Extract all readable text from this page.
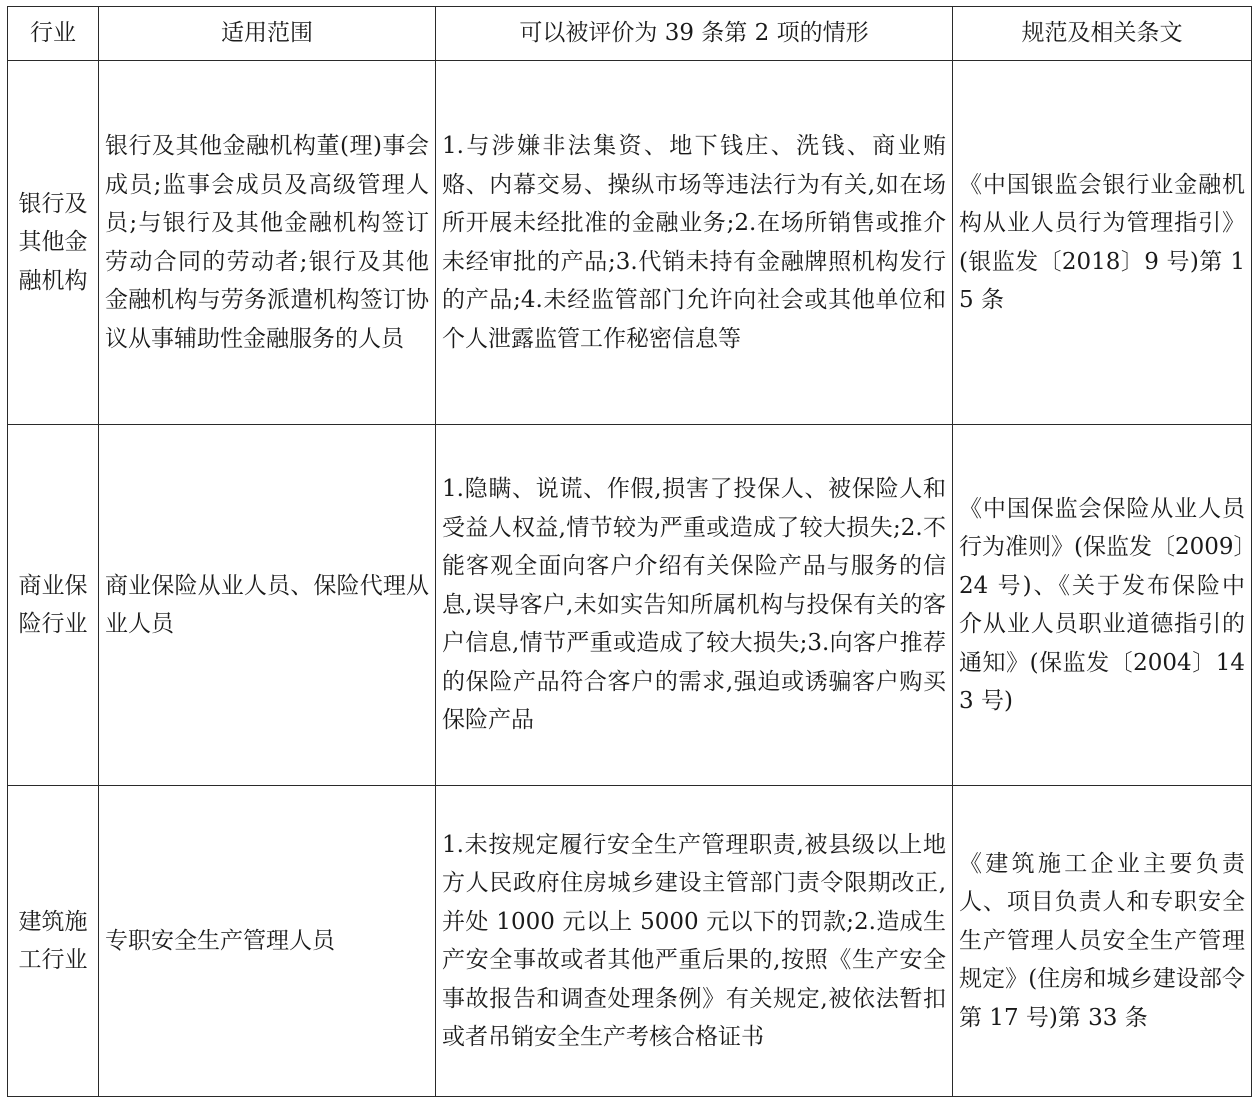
行业	适用范围	可以被评价为 39 条第 2 项的情形	规范及相关条文
银行及其他金融机构	银行及其他金融机构董(理)事会成员;监事会成员及高级管理人员;与银行及其他金融机构签订劳动合同的劳动者;银行及其他金融机构与劳务派遣机构签订协议从事辅助性金融服务的人员	1.与涉嫌非法集资、地下钱庄、洗钱、商业贿赂、内幕交易、操纵市场等违法行为有关,如在场所开展未经批准的金融业务;2.在场所销售或推介未经审批的产品;3.代销未持有金融牌照机构发行的产品;4.未经监管部门允许向社会或其他单位和个人泄露监管工作秘密信息等	《中国银监会银行业金融机构从业人员行为管理指引》(银监发〔2018〕9 号)第 15 条
商业保险行业	商业保险从业人员、保险代理从业人员	1.隐瞒、说谎、作假,损害了投保人、被保险人和受益人权益,情节较为严重或造成了较大损失;2.不能客观全面向客户介绍有关保险产品与服务的信息,误导客户,未如实告知所属机构与投保有关的客户信息,情节严重或造成了较大损失;3.向客户推荐的保险产品符合客户的需求,强迫或诱骗客户购买保险产品	《中国保监会保险从业人员行为准则》(保监发〔2009〕24 号)、《关于发布保险中介从业人员职业道德指引的通知》(保监发〔2004〕143 号)
建筑施工行业	专职安全生产管理人员	1.未按规定履行安全生产管理职责,被县级以上地方人民政府住房城乡建设主管部门责令限期改正,并处 1000 元以上 5000 元以下的罚款;2.造成生产安全事故或者其他严重后果的,按照《生产安全事故报告和调查处理条例》有关规定,被依法暂扣或者吊销安全生产考核合格证书	《建筑施工企业主要负责人、项目负责人和专职安全生产管理人员安全生产管理规定》(住房和城乡建设部令第 17 号)第 33 条
